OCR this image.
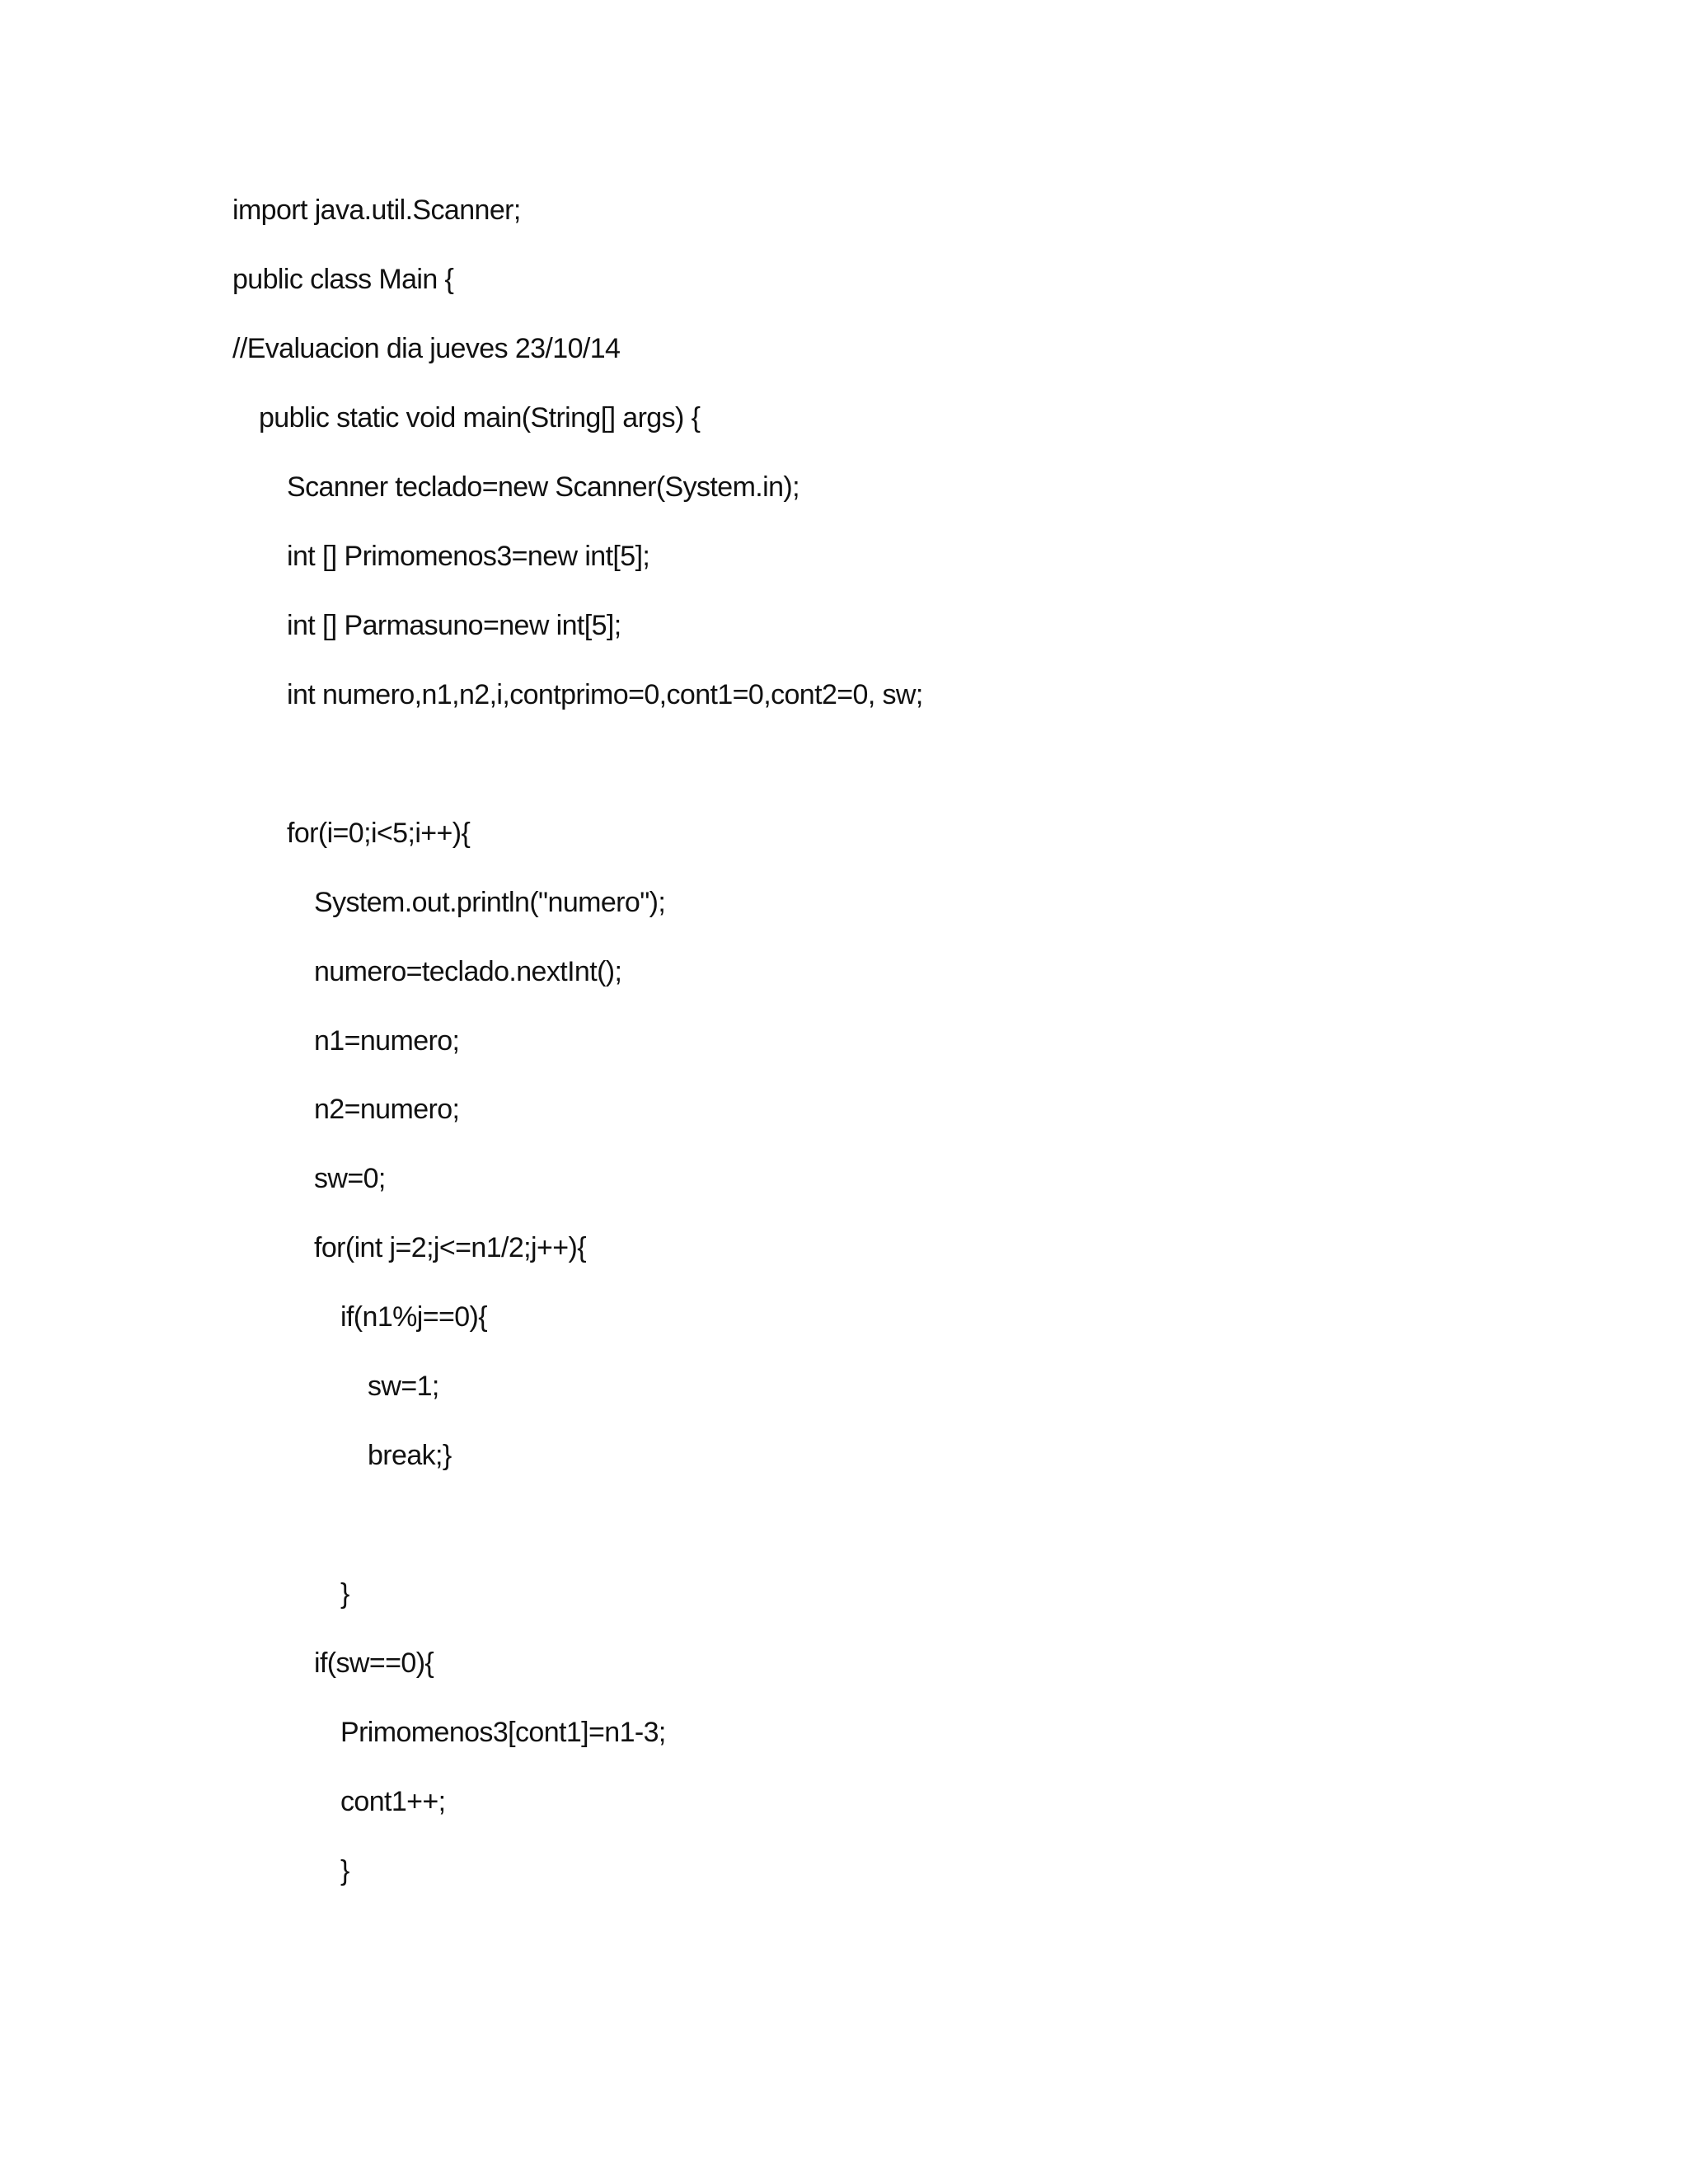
import java.util.Scanner;
public class Main {
//Evaluacion dia jueves 23/10/14
public static void main(String[] args) {
Scanner teclado=new Scanner(System.in);
int [] Primomenos3=new int[5];
int [] Parmasuno=new int[5];
int numero,n1,n2,i,contprimo=0,cont1=0,cont2=0, sw;
for(i=0;i<5;i++){
System.out.println("numero");
numero=teclado.nextInt();
n1=numero;
n2=numero;
sw=0;
for(int j=2;j<=n1/2;j++){
if(n1%j==0){
sw=1;
break;}
}
if(sw==0){
Primomenos3[cont1]=n1-3;
cont1++;
}
